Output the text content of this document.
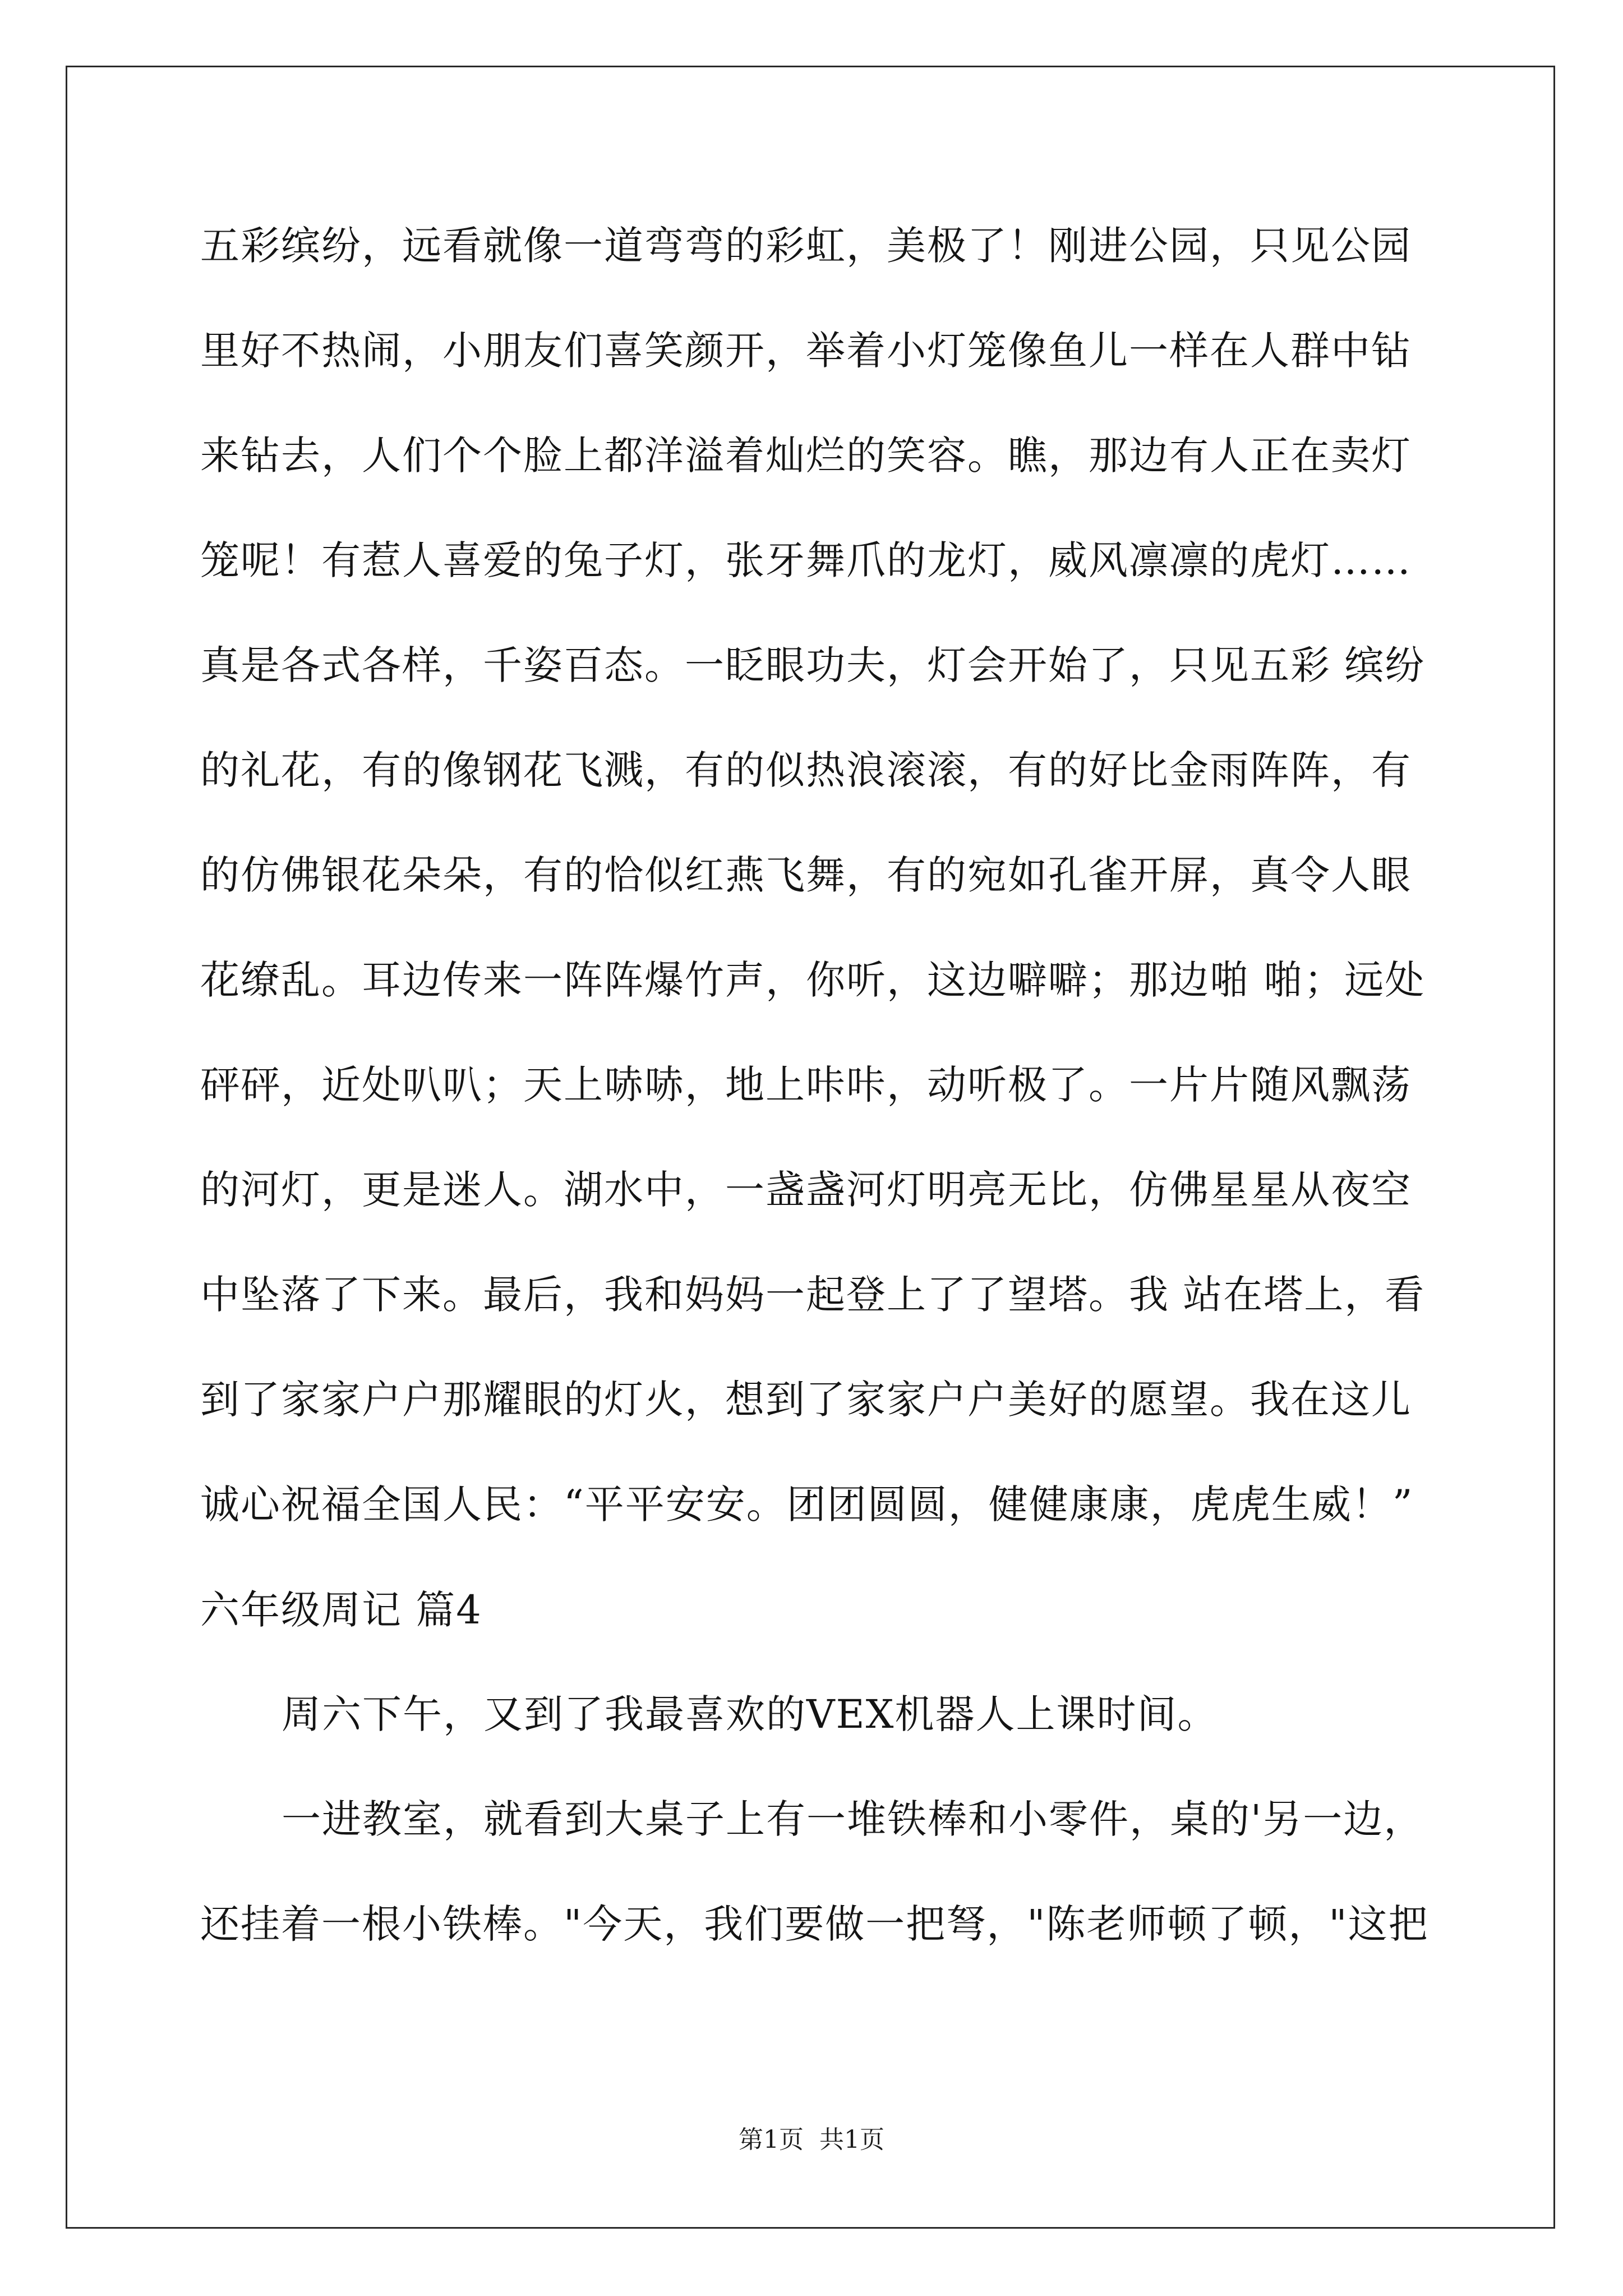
五彩缤纷，远看就像一道弯弯的彩虹，美极了！刚进公园，只见公园
里好不热闹，小朋友们喜笑颜开，举着小灯笼像鱼儿一样在人群中钻
来钻去，人们个个脸上都洋溢着灿烂的笑容。瞧，那边有人正在卖灯
笼呢！有惹人喜爱的兔子灯，张牙舞爪的龙灯，威风凛凛的虎灯……
真是各式各样，千姿百态。一眨眼功夫，灯会开始了，只见五彩 缤纷
的礼花，有的像钢花飞溅，有的似热浪滚滚，有的好比金雨阵阵，有
的仿佛银花朵朵，有的恰似红燕飞舞，有的宛如孔雀开屏，真令人眼
花缭乱。耳边传来一阵阵爆竹声，你听，这边噼噼；那边啪 啪；远处
砰砰，近处叭叭；天上哧哧，地上咔咔，动听极了。一片片随风飘荡
的河灯，更是迷人。湖水中，一盏盏河灯明亮无比，仿佛星星从夜空
中坠落了下来。最后，我和妈妈一起登上了了望塔。我 站在塔上，看
到了家家户户那耀眼的灯火，想到了家家户户美好的愿望。我在这儿
诚心祝福全国人民：“平平安安。团团圆圆，健健康康，虎虎生威！”
六年级周记 篇4
周六下午，又到了我最喜欢的VEX机器人上课时间。
一进教室，就看到大桌子上有一堆铁棒和小零件，桌的'另一边，
还挂着一根小铁棒。"今天，我们要做一把弩，"陈老师顿了顿，"这把
第1页  共1页
